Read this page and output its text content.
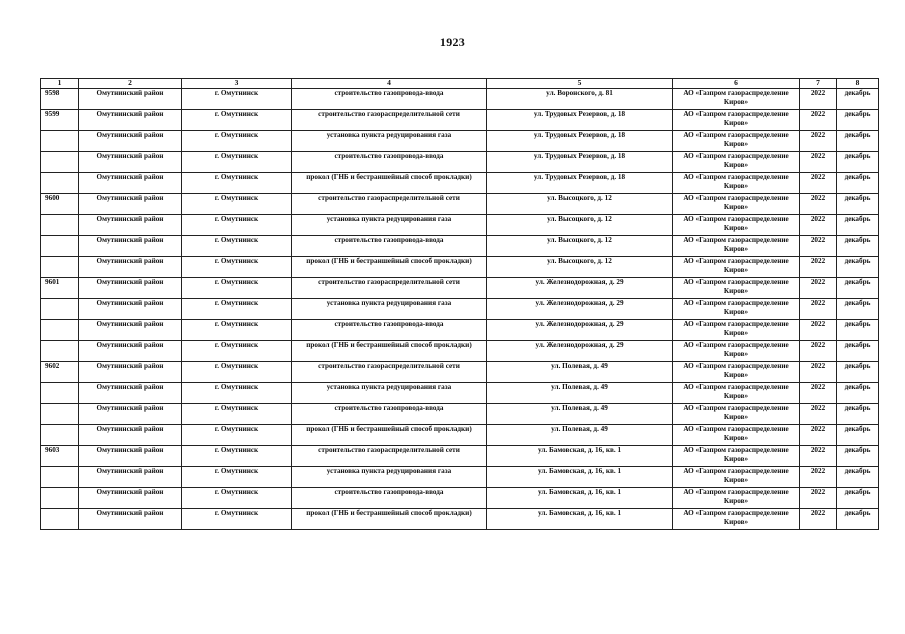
1923
1	2	3	4	5	6	7	8
9598	Омутнинский район	г. Омутнинск	строительство газопровода-ввода	ул. Воронского, д. 81	АО «Газпром газораспределение Киров»	2022	декабрь
9599	Омутнинский район	г. Омутнинск	строительство газораспределительной сети	ул. Трудовых Резервов, д. 18	АО «Газпром газораспределение Киров»	2022	декабрь
	Омутнинский район	г. Омутнинск	установка пункта редуцирования газа	ул. Трудовых Резервов, д. 18	АО «Газпром газораспределение Киров»	2022	декабрь
	Омутнинский район	г. Омутнинск	строительство газопровода-ввода	ул. Трудовых Резервов, д. 18	АО «Газпром газораспределение Киров»	2022	декабрь
	Омутнинский район	г. Омутнинск	прокол (ГНБ и бестраншейный способ прокладки)	ул. Трудовых Резервов, д. 18	АО «Газпром газораспределение Киров»	2022	декабрь
9600	Омутнинский район	г. Омутнинск	строительство газораспределительной сети	ул. Высоцкого, д. 12	АО «Газпром газораспределение Киров»	2022	декабрь
	Омутнинский район	г. Омутнинск	установка пункта редуцирования газа	ул. Высоцкого, д. 12	АО «Газпром газораспределение Киров»	2022	декабрь
	Омутнинский район	г. Омутнинск	строительство газопровода-ввода	ул. Высоцкого, д. 12	АО «Газпром газораспределение Киров»	2022	декабрь
	Омутнинский район	г. Омутнинск	прокол (ГНБ и бестраншейный способ прокладки)	ул. Высоцкого, д. 12	АО «Газпром газораспределение Киров»	2022	декабрь
9601	Омутнинский район	г. Омутнинск	строительство газораспределительной сети	ул. Железнодорожная, д. 29	АО «Газпром газораспределение Киров»	2022	декабрь
	Омутнинский район	г. Омутнинск	установка пункта редуцирования газа	ул. Железнодорожная, д. 29	АО «Газпром газораспределение Киров»	2022	декабрь
	Омутнинский район	г. Омутнинск	строительство газопровода-ввода	ул. Железнодорожная, д. 29	АО «Газпром газораспределение Киров»	2022	декабрь
	Омутнинский район	г. Омутнинск	прокол (ГНБ и бестраншейный способ прокладки)	ул. Железнодорожная, д. 29	АО «Газпром газораспределение Киров»	2022	декабрь
9602	Омутнинский район	г. Омутнинск	строительство газораспределительной сети	ул. Полевая, д. 49	АО «Газпром газораспределение Киров»	2022	декабрь
	Омутнинский район	г. Омутнинск	установка пункта редуцирования газа	ул. Полевая, д. 49	АО «Газпром газораспределение Киров»	2022	декабрь
	Омутнинский район	г. Омутнинск	строительство газопровода-ввода	ул. Полевая, д. 49	АО «Газпром газораспределение Киров»	2022	декабрь
	Омутнинский район	г. Омутнинск	прокол (ГНБ и бестраншейный способ прокладки)	ул. Полевая, д. 49	АО «Газпром газораспределение Киров»	2022	декабрь
9603	Омутнинский район	г. Омутнинск	строительство газораспределительной сети	ул. Бамовская, д. 16, кв. 1	АО «Газпром газораспределение Киров»	2022	декабрь
	Омутнинский район	г. Омутнинск	установка пункта редуцирования газа	ул. Бамовская, д. 16, кв. 1	АО «Газпром газораспределение Киров»	2022	декабрь
	Омутнинский район	г. Омутнинск	строительство газопровода-ввода	ул. Бамовская, д. 16, кв. 1	АО «Газпром газораспределение Киров»	2022	декабрь
	Омутнинский район	г. Омутнинск	прокол (ГНБ и бестраншейный способ прокладки)	ул. Бамовская, д. 16, кв. 1	АО «Газпром газораспределение Киров»	2022	декабрь
